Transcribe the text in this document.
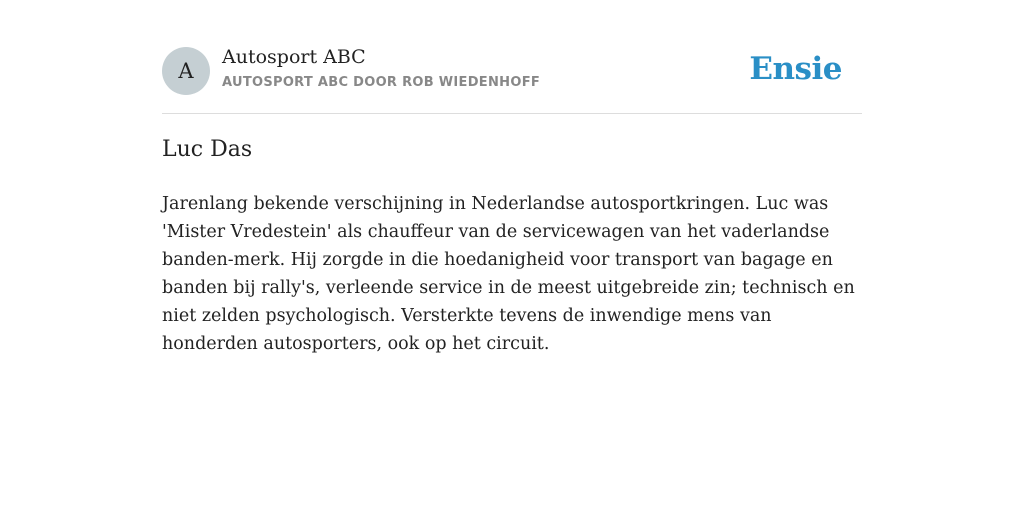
A
Autosport ABC
AUTOSPORT ABC DOOR ROB WIEDENHOFF	Ensie
Luc Das

Jarenlang bekende verschijning in Nederlandse autosportkringen. Luc was 'Mister Vredestein' als chauffeur van de servicewagen van het vaderlandse banden-merk. Hij zorgde in die hoedanigheid voor transport van bagage en banden bij rally's, verleende service in de meest uitgebreide zin; technisch en niet zelden psychologisch. Versterkte tevens de inwendige mens van honderden autosporters, ook op het circuit.
